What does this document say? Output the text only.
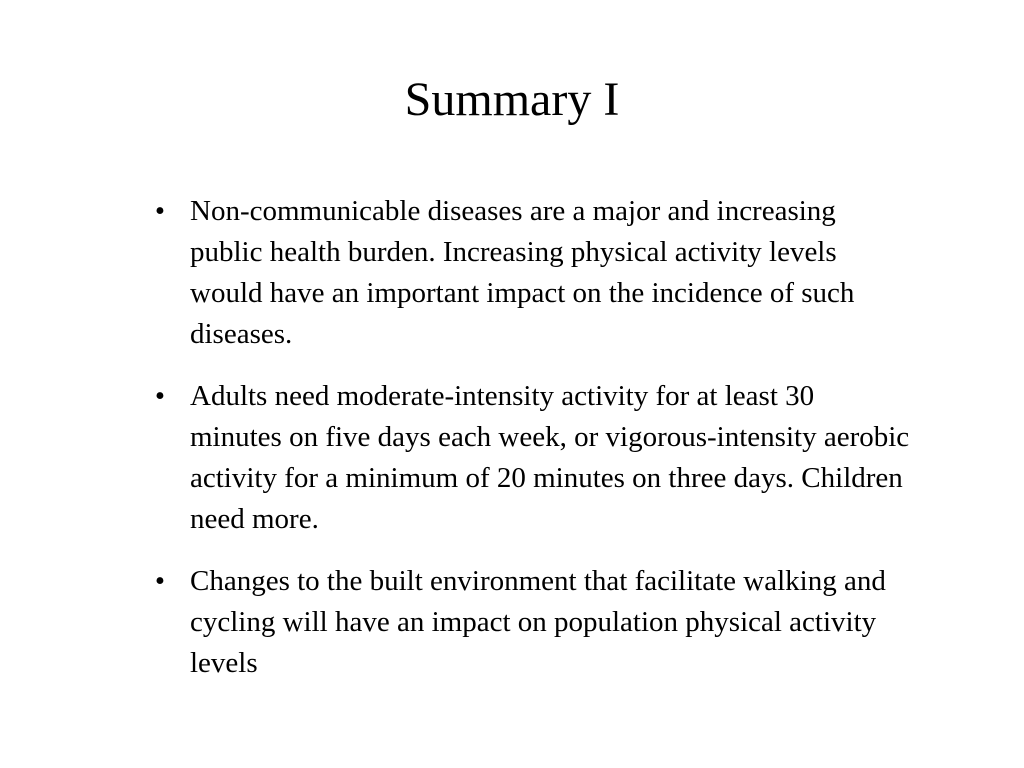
Summary I
• Non-communicable diseases are a major and increasing public health burden. Increasing physical activity levels would have an important impact on the incidence of such diseases.
• Adults need moderate-intensity activity for at least 30 minutes on five days each week, or vigorous-intensity aerobic activity for a minimum of 20 minutes on three days. Children need more.
• Changes to the built environment that facilitate walking and cycling will have an impact on population physical activity levels
